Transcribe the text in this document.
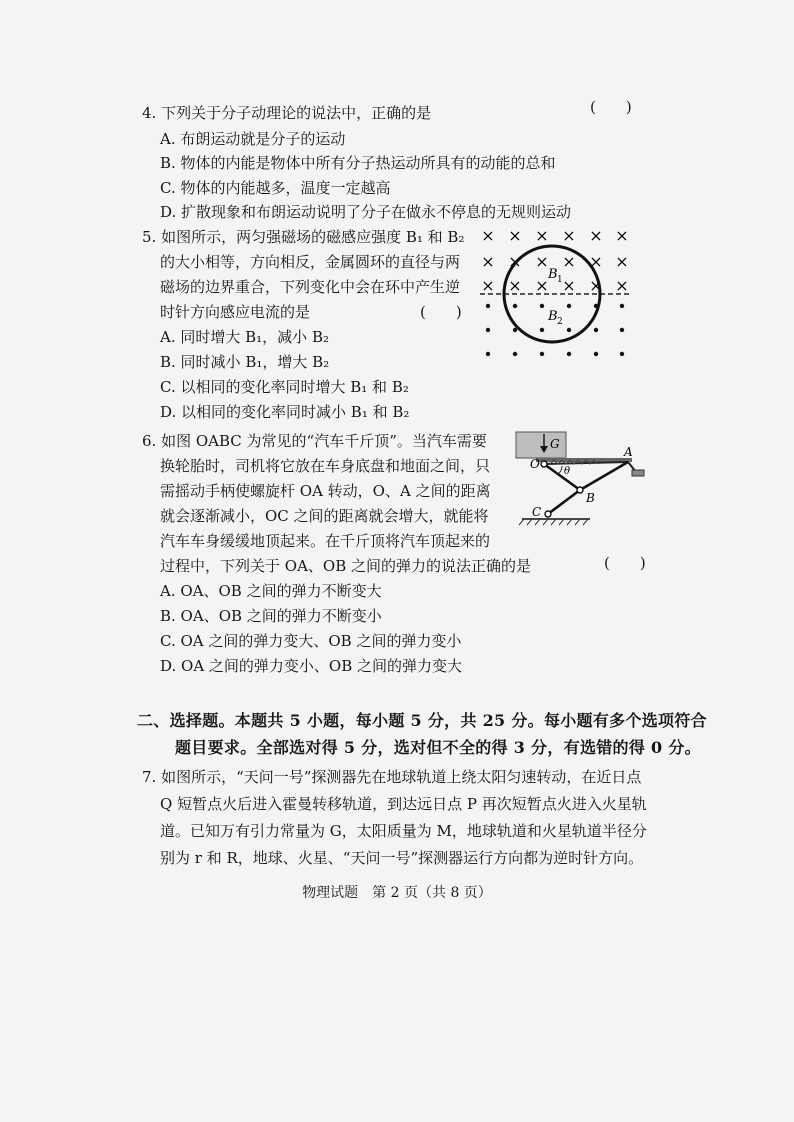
(　　)
4. 下列关于分子动理论的说法中，正确的是
A. 布朗运动就是分子的运动
B. 物体的内能是物体中所有分子热运动所具有的动能的总和
C. 物体的内能越多，温度一定越高
D. 扩散现象和布朗运动说明了分子在做永不停息的无规则运动
5. 如图所示，两匀强磁场的磁感应强度 B₁ 和 B₂
的大小相等，方向相反，金属圆环的直径与两
磁场的边界重合，下列变化中会在环中产生逆
时针方向感应电流的是	(　　)
A. 同时增大 B₁，减小 B₂
B. 同时减小 B₁，增大 B₂
C. 以相同的变化率同时增大 B₁ 和 B₂
D. 以相同的变化率同时减小 B₁ 和 B₂
× × × × × ×
× × × × × ×
× × × × × ×
B 1
B 2
6. 如图 OABC 为常见的“汽车千斤顶”。当汽车需要
换轮胎时，司机将它放在车身底盘和地面之间，只
需摇动手柄使螺旋杆 OA 转动，O、A 之间的距离
就会逐渐减小，OC 之间的距离就会增大，就能将
汽车车身缓缓地顶起来。在千斤顶将汽车顶起来的
过程中，下列关于 OA、OB 之间的弹力的说法正确的是	(　　)
A. OA、OB 之间的弹力不断变大
B. OA、OB 之间的弹力不断变小
C. OA 之间的弹力变大、OB 之间的弹力变小
D. OA 之间的弹力变小、OB 之间的弹力变大
G
θ
O
A
B
C
二、选择题。本题共 5 小题，每小题 5 分，共 25 分。每小题有多个选项符合
题目要求。全部选对得 5 分，选对但不全的得 3 分，有选错的得 0 分。
7. 如图所示，“天问一号”探测器先在地球轨道上绕太阳匀速转动，在近日点
Q 短暂点火后进入霍曼转移轨道，到达远日点 P 再次短暂点火进入火星轨
道。已知万有引力常量为 G，太阳质量为 M，地球轨道和火星轨道半径分
别为 r 和 R，地球、火星、“天问一号”探测器运行方向都为逆时针方向。
物理试题　第 2 页（共 8 页）
